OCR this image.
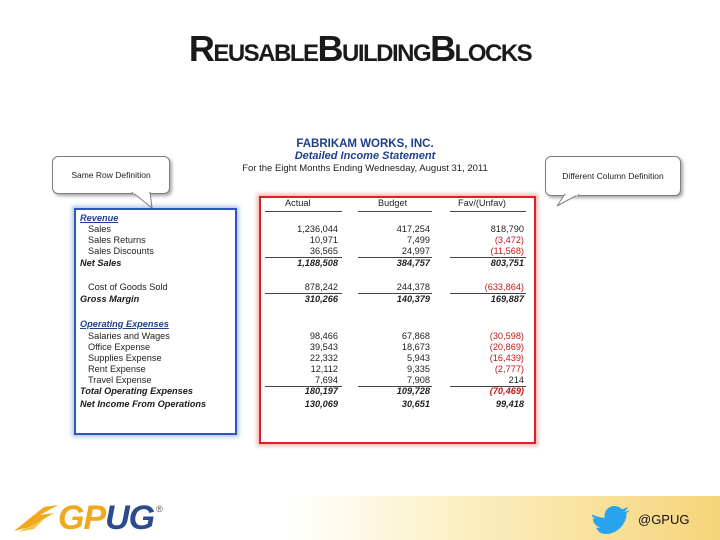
REUSABLEBUILDINGBLOCKS
FABRIKAM WORKS, INC.
Detailed Income Statement
For the Eight Months Ending Wednesday, August 31, 2011
Same Row Definition	Different Column Definition
Actual	Budget	Fav/(Unfav)
Revenue
Sales	1,236,044	417,254	818,790
Sales Returns	10,971	7,499	(3,472)
Sales Discounts	36,565	24,997	(11,568)
Net Sales	1,188,508	384,757	803,751
Cost of Goods Sold	878,242	244,378	(633,864)
Gross Margin	310,266	140,379	169,887
Operating Expenses
Salaries and Wages	98,466	67,868	(30,598)
Office Expense	39,543	18,673	(20,869)
Supplies Expense	22,332	5,943	(16,439)
Rent Expense	12,112	9,335	(2,777)
Travel Expense	7,694	7,908	214
Total Operating Expenses	180,197	109,728	(70,469)
Net Income From Operations	130,069	30,651	99,418
GPUG ®
@GPUG
